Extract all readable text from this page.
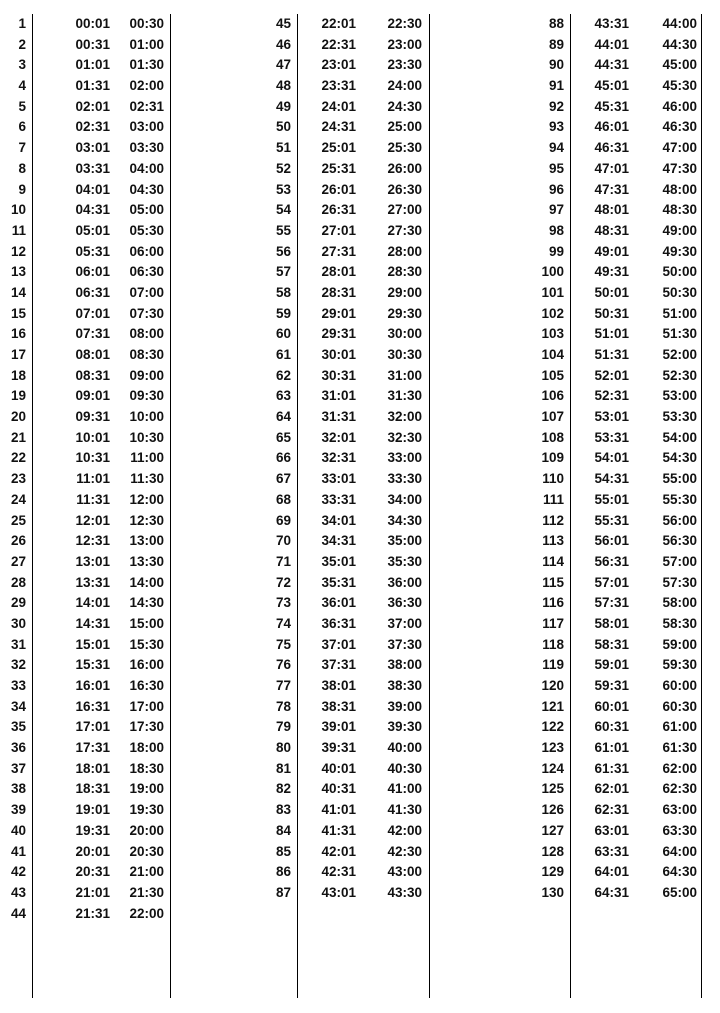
1	00:01	00:30
2	00:31	01:00
3	01:01	01:30
4	01:31	02:00
5	02:01	02:31
6	02:31	03:00
7	03:01	03:30
8	03:31	04:00
9	04:01	04:30
10	04:31	05:00
11	05:01	05:30
12	05:31	06:00
13	06:01	06:30
14	06:31	07:00
15	07:01	07:30
16	07:31	08:00
17	08:01	08:30
18	08:31	09:00
19	09:01	09:30
20	09:31	10:00
21	10:01	10:30
22	10:31	11:00
23	11:01	11:30
24	11:31	12:00
25	12:01	12:30
26	12:31	13:00
27	13:01	13:30
28	13:31	14:00
29	14:01	14:30
30	14:31	15:00
31	15:01	15:30
32	15:31	16:00
33	16:01	16:30
34	16:31	17:00
35	17:01	17:30
36	17:31	18:00
37	18:01	18:30
38	18:31	19:00
39	19:01	19:30
40	19:31	20:00
41	20:01	20:30
42	20:31	21:00
43	21:01	21:30
44	21:31	22:00
45	22:01	22:30
46	22:31	23:00
47	23:01	23:30
48	23:31	24:00
49	24:01	24:30
50	24:31	25:00
51	25:01	25:30
52	25:31	26:00
53	26:01	26:30
54	26:31	27:00
55	27:01	27:30
56	27:31	28:00
57	28:01	28:30
58	28:31	29:00
59	29:01	29:30
60	29:31	30:00
61	30:01	30:30
62	30:31	31:00
63	31:01	31:30
64	31:31	32:00
65	32:01	32:30
66	32:31	33:00
67	33:01	33:30
68	33:31	34:00
69	34:01	34:30
70	34:31	35:00
71	35:01	35:30
72	35:31	36:00
73	36:01	36:30
74	36:31	37:00
75	37:01	37:30
76	37:31	38:00
77	38:01	38:30
78	38:31	39:00
79	39:01	39:30
80	39:31	40:00
81	40:01	40:30
82	40:31	41:00
83	41:01	41:30
84	41:31	42:00
85	42:01	42:30
86	42:31	43:00
87	43:01	43:30
88	43:31	44:00
89	44:01	44:30
90	44:31	45:00
91	45:01	45:30
92	45:31	46:00
93	46:01	46:30
94	46:31	47:00
95	47:01	47:30
96	47:31	48:00
97	48:01	48:30
98	48:31	49:00
99	49:01	49:30
100	49:31	50:00
101	50:01	50:30
102	50:31	51:00
103	51:01	51:30
104	51:31	52:00
105	52:01	52:30
106	52:31	53:00
107	53:01	53:30
108	53:31	54:00
109	54:01	54:30
110	54:31	55:00
111	55:01	55:30
112	55:31	56:00
113	56:01	56:30
114	56:31	57:00
115	57:01	57:30
116	57:31	58:00
117	58:01	58:30
118	58:31	59:00
119	59:01	59:30
120	59:31	60:00
121	60:01	60:30
122	60:31	61:00
123	61:01	61:30
124	61:31	62:00
125	62:01	62:30
126	62:31	63:00
127	63:01	63:30
128	63:31	64:00
129	64:01	64:30
130	64:31	65:00
